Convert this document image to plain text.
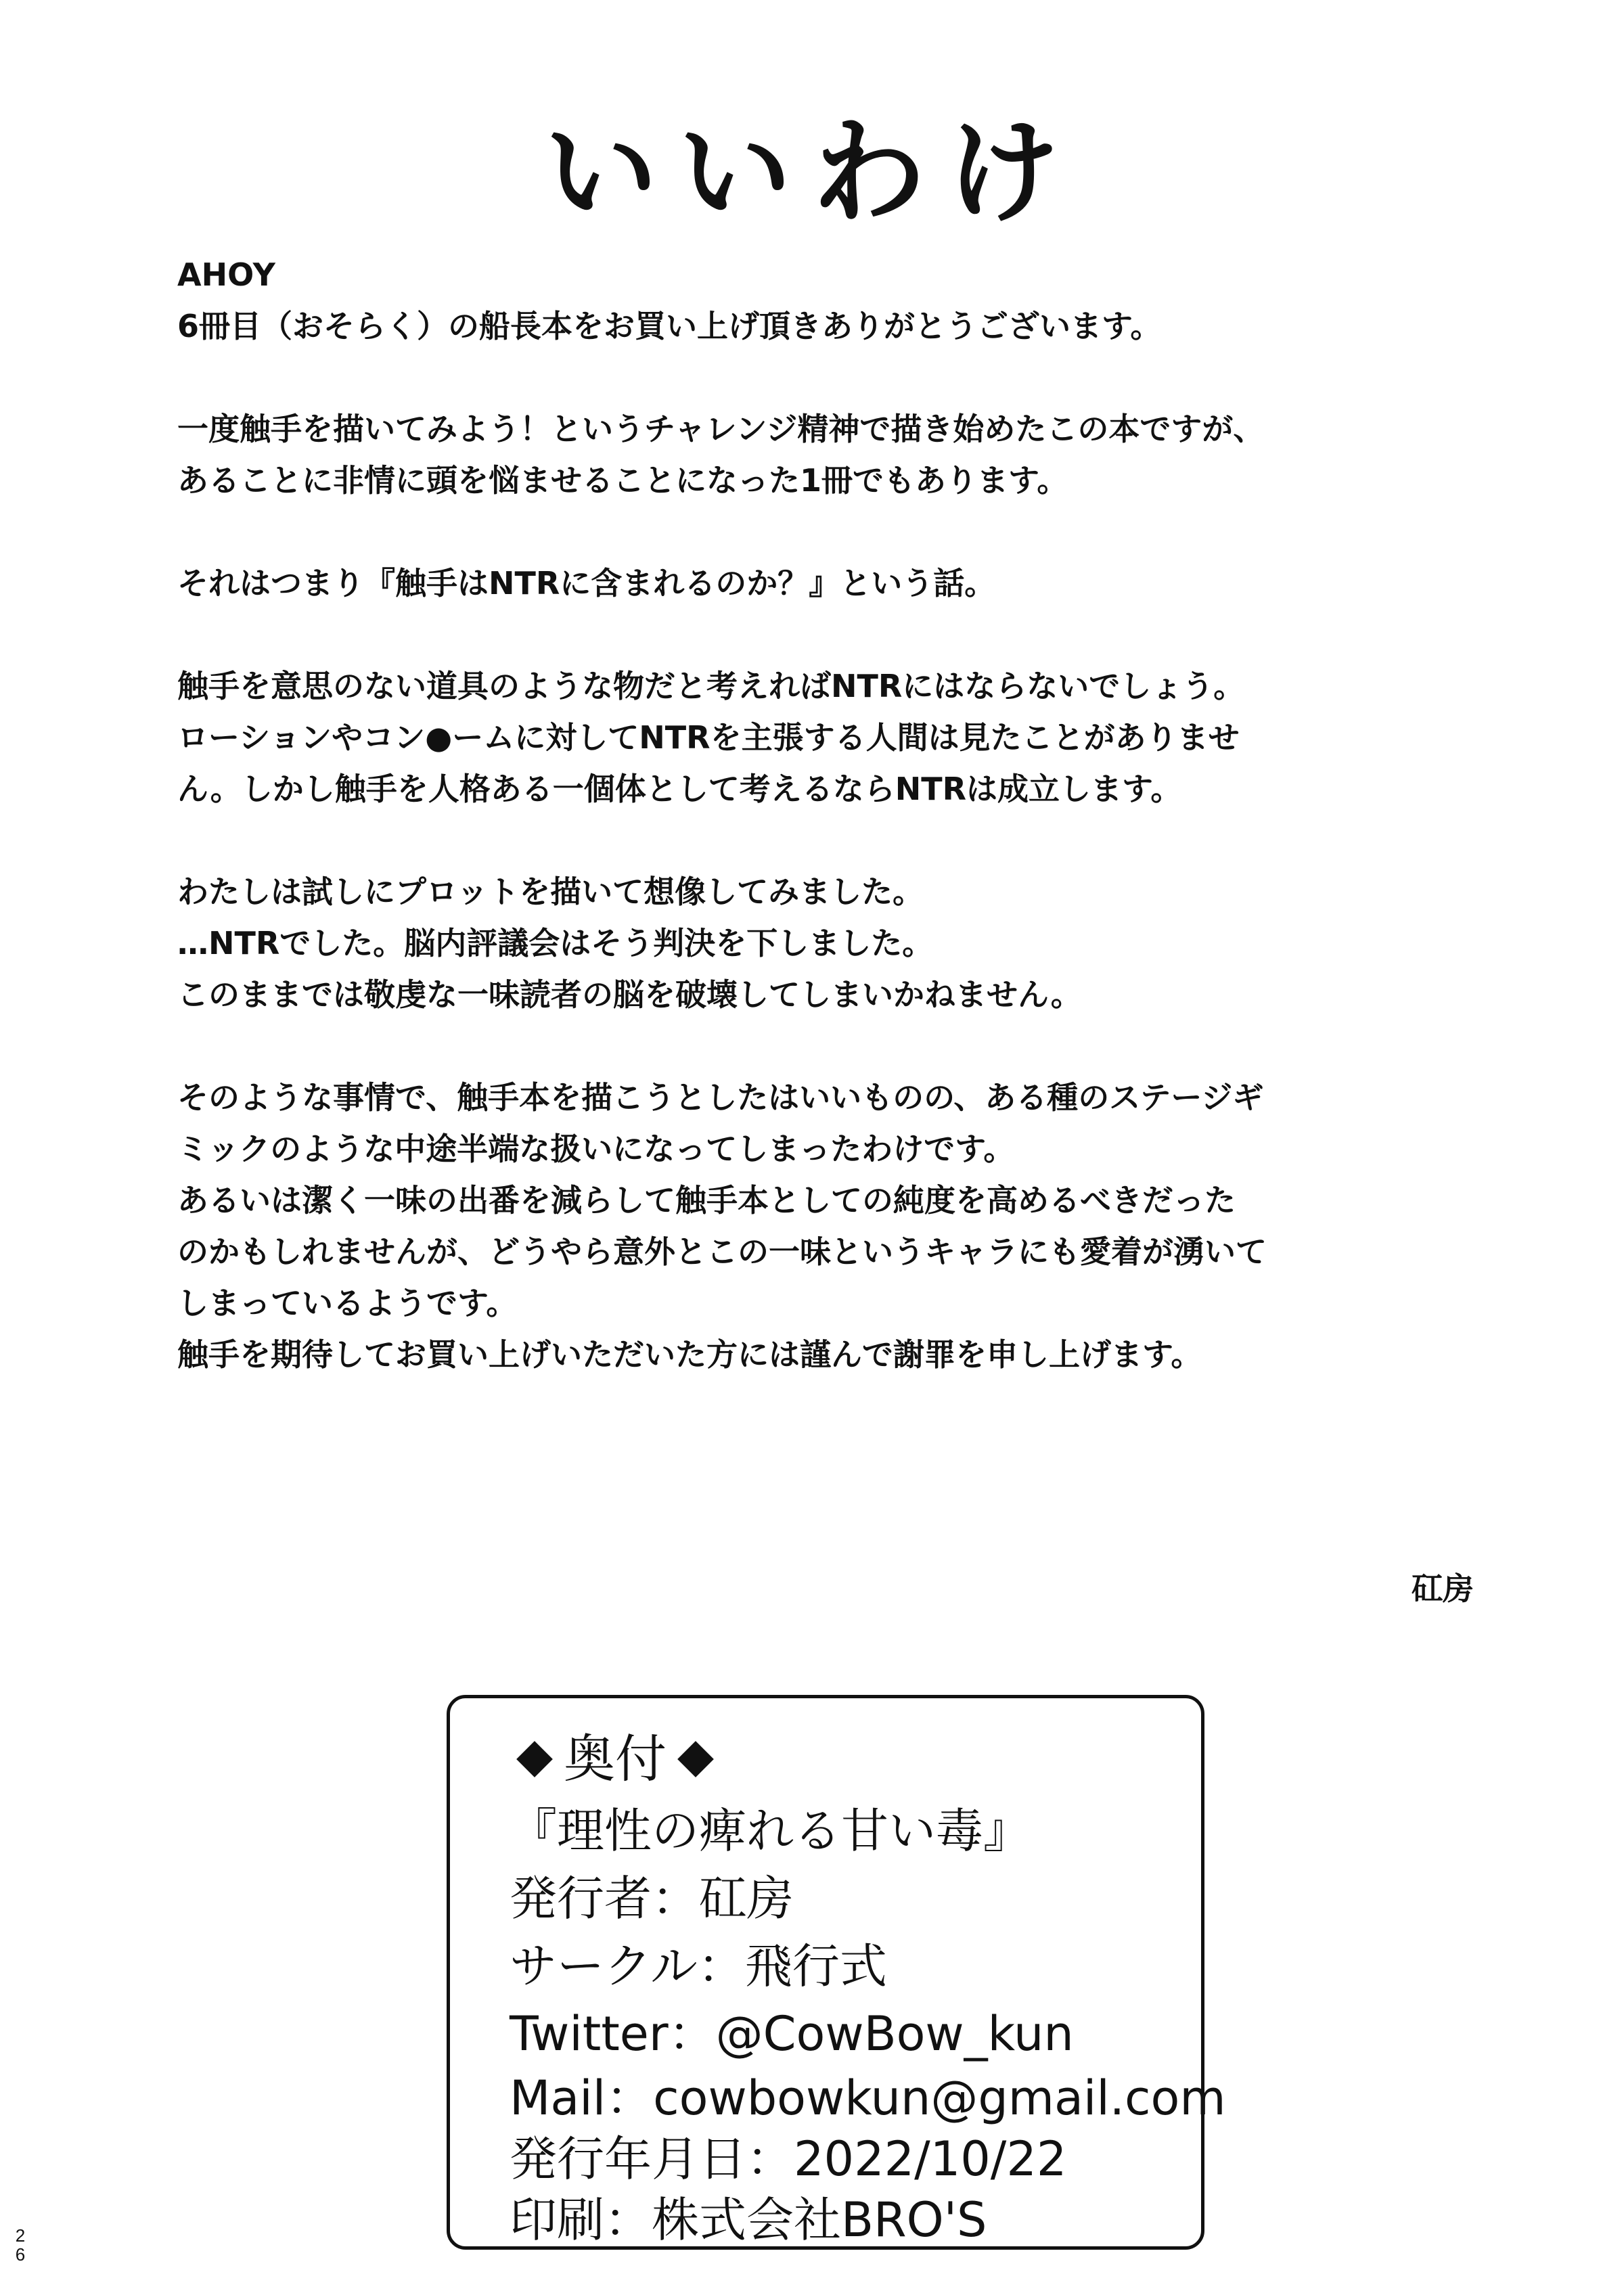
いいわけ
AHOY
6冊目（おそらく）の船長本をお買い上げ頂きありがとうございます。
一度触手を描いてみよう！というチャレンジ精神で描き始めたこの本ですが、
あることに非情に頭を悩ませることになった1冊でもあります。
それはつまり『触手はNTRに含まれるのか？』という話。
触手を意思のない道具のような物だと考えればNTRにはならないでしょう。
ローションやコン●ームに対してNTRを主張する人間は見たことがありませ
ん。しかし触手を人格ある一個体として考えるならNTRは成立します。
わたしは試しにプロットを描いて想像してみました。
…NTRでした。脳内評議会はそう判決を下しました。
このままでは敬虔な一味読者の脳を破壊してしまいかねません。
そのような事情で、触手本を描こうとしたはいいものの、ある種のステージギ
ミックのような中途半端な扱いになってしまったわけです。
あるいは潔く一味の出番を減らして触手本としての純度を高めるべきだった
のかもしれませんが、どうやら意外とこの一味というキャラにも愛着が湧いて
しまっているようです。
触手を期待してお買い上げいただいた方には謹んで謝罪を申し上げます。
矼房
奥付
『理性の痺れる甘い毒』
発行者：矼房
サークル：飛行式
Twitter：@CowBow_kun
Mail：cowbowkun@gmail.com
発行年月日：2022/10/22
印刷：株式会社BRO'S
2
6
